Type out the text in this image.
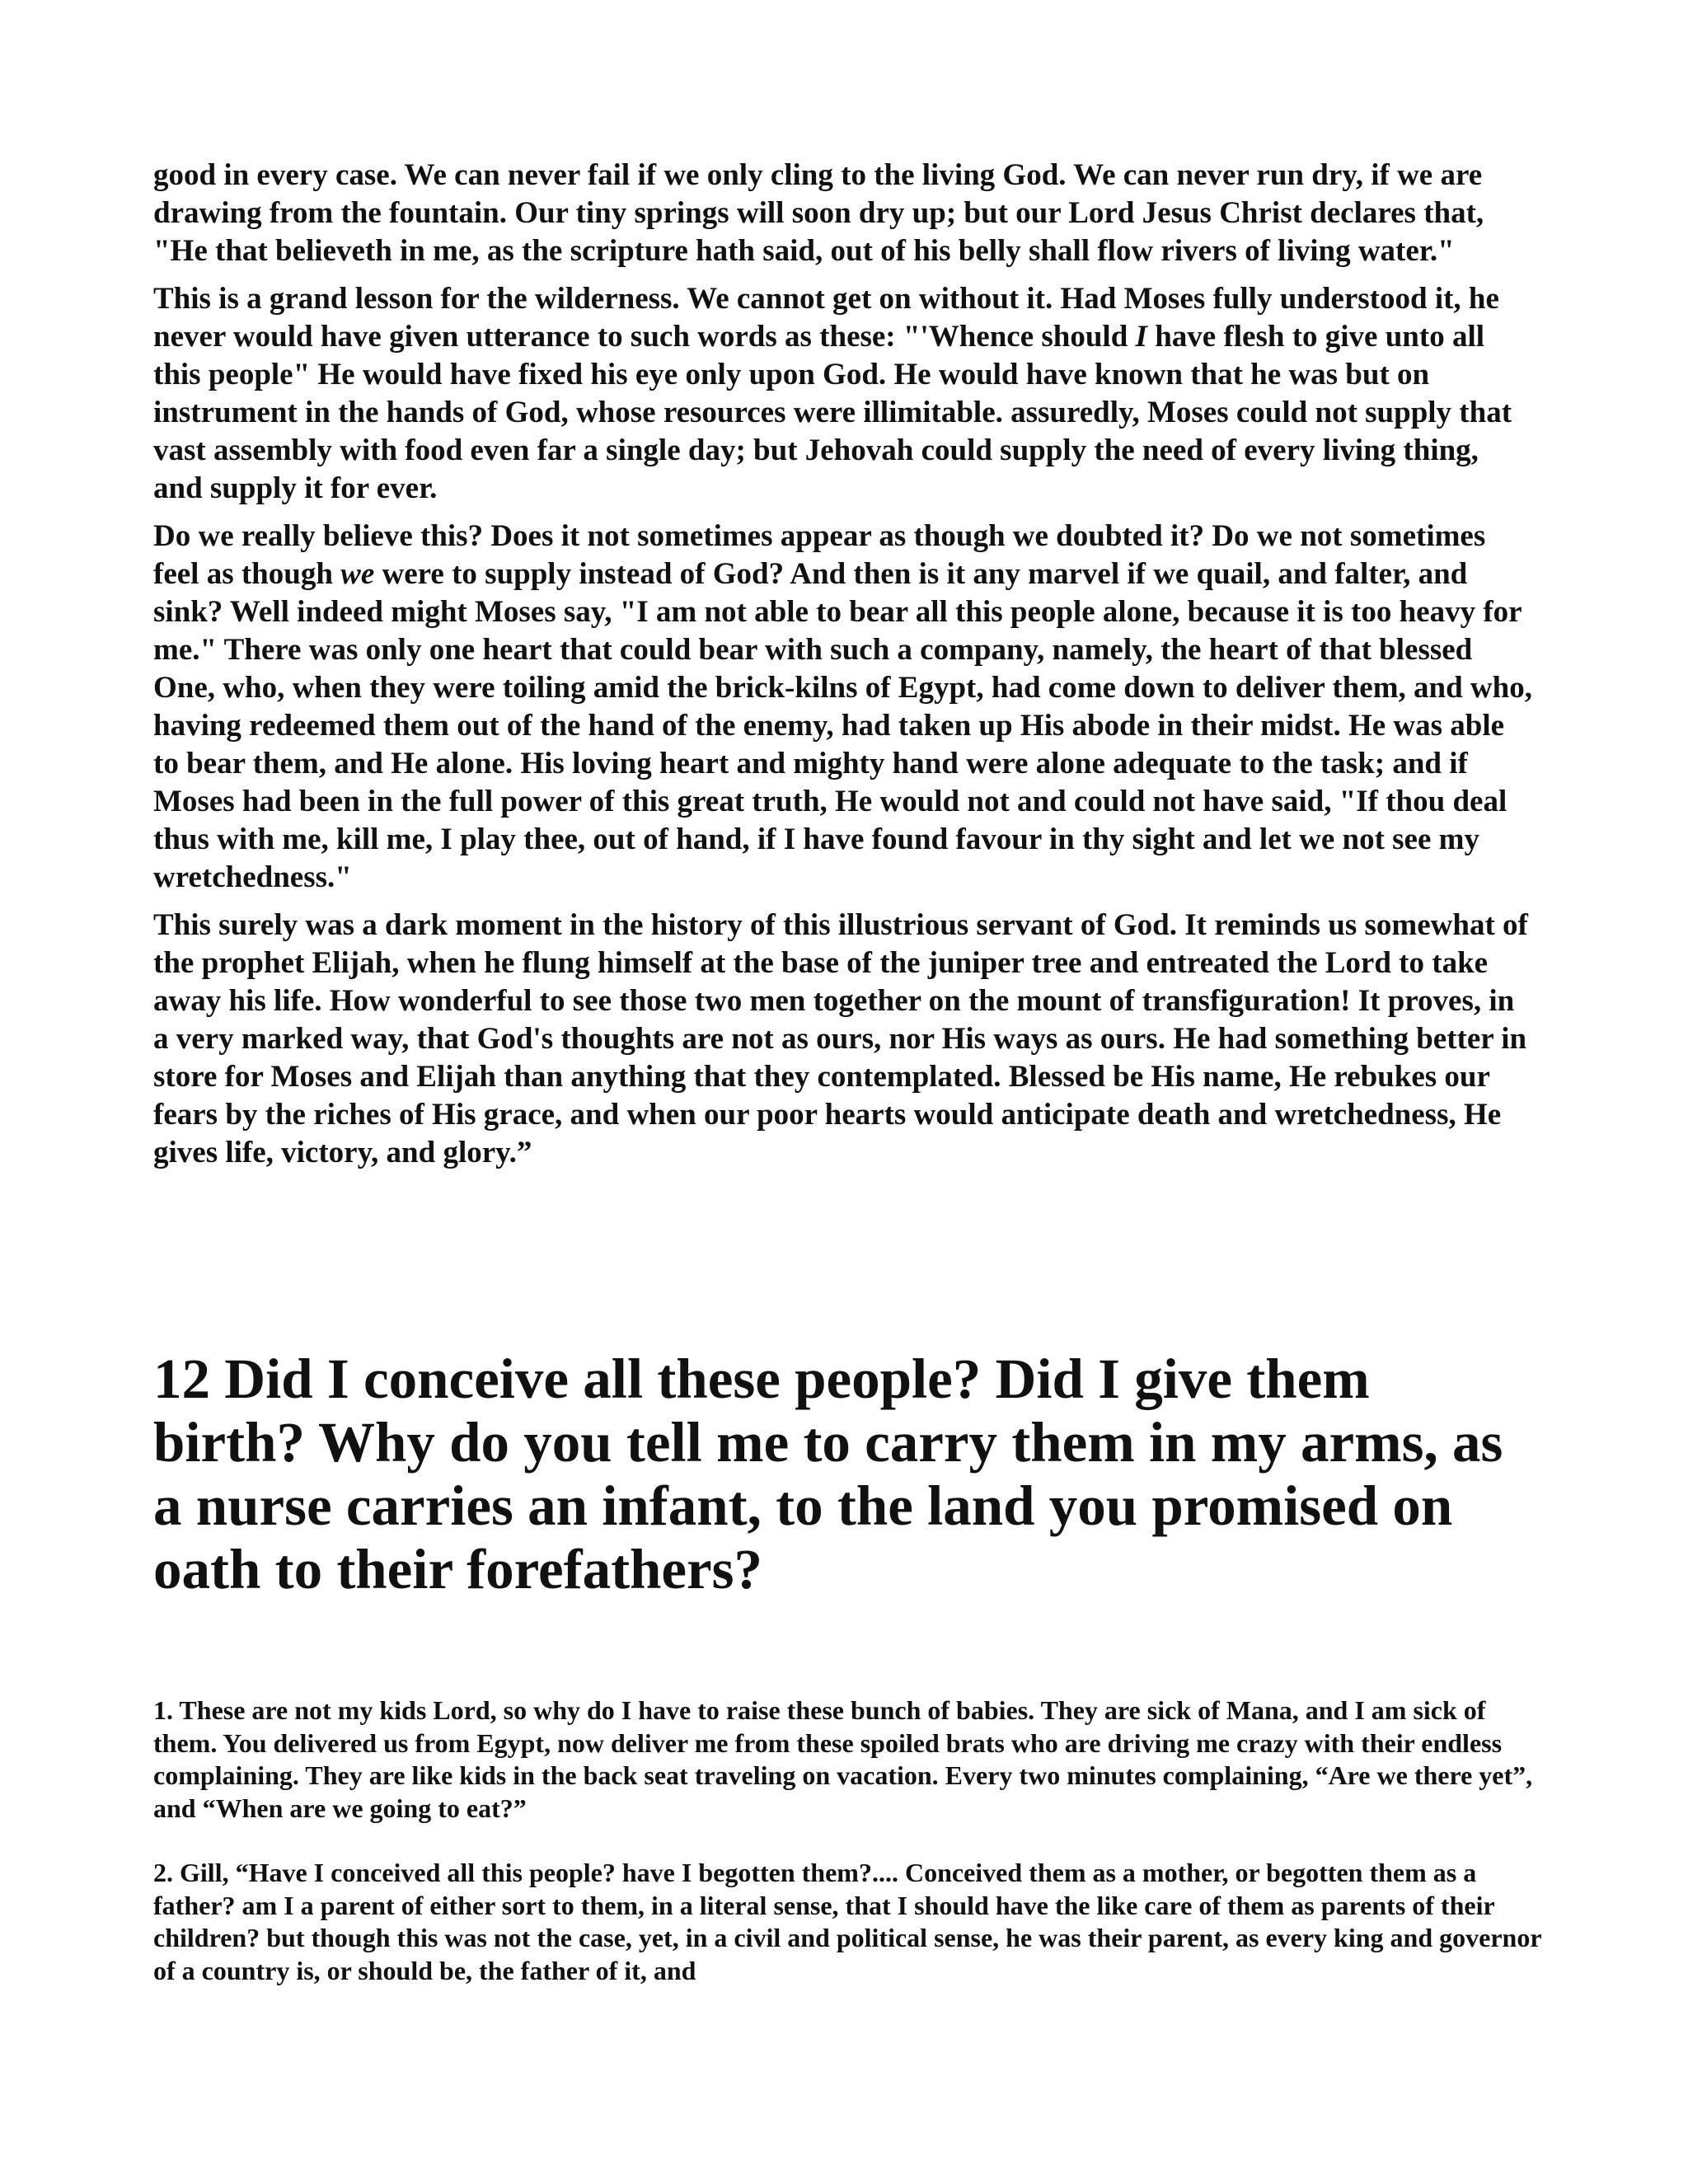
good in every case. We can never fail if we only cling to the living God. We can never run dry, if we are drawing from the fountain. Our tiny springs will soon dry up; but our Lord Jesus Christ declares that, "He that believeth in me, as the scripture hath said, out of his belly shall flow rivers of living water."

This is a grand lesson for the wilderness. We cannot get on without it. Had Moses fully understood it, he never would have given utterance to such words as these: "'Whence should I have flesh to give unto all this people" He would have fixed his eye only upon God. He would have known that he was but on instrument in the hands of God, whose resources were illimitable. assuredly, Moses could not supply that vast assembly with food even far a single day; but Jehovah could supply the need of every living thing, and supply it for ever.

Do we really believe this? Does it not sometimes appear as though we doubted it? Do we not sometimes feel as though we were to supply instead of God? And then is it any marvel if we quail, and falter, and sink? Well indeed might Moses say, "I am not able to bear all this people alone, because it is too heavy for me." There was only one heart that could bear with such a company, namely, the heart of that blessed One, who, when they were toiling amid the brick-kilns of Egypt, had come down to deliver them, and who, having redeemed them out of the hand of the enemy, had taken up His abode in their midst. He was able to bear them, and He alone. His loving heart and mighty hand were alone adequate to the task; and if Moses had been in the full power of this great truth, He would not and could not have said, "If thou deal thus with me, kill me, I play thee, out of hand, if I have found favour in thy sight and let we not see my wretchedness."

This surely was a dark moment in the history of this illustrious servant of God. It reminds us somewhat of the prophet Elijah, when he flung himself at the base of the juniper tree and entreated the Lord to take away his life. How wonderful to see those two men together on the mount of transfiguration! It proves, in a very marked way, that God's thoughts are not as ours, nor His ways as ours. He had something better in store for Moses and Elijah than anything that they contemplated. Blessed be His name, He rebukes our fears by the riches of His grace, and when our poor hearts would anticipate death and wretchedness, He gives life, victory, and glory.”

12 Did I conceive all these people? Did I give them birth? Why do you tell me to carry them in my arms, as a nurse carries an infant, to the land you promised on oath to their forefathers?

1. These are not my kids Lord, so why do I have to raise these bunch of babies. They are sick of Mana, and I am sick of them. You delivered us from Egypt, now deliver me from these spoiled brats who are driving me crazy with their endless complaining. They are like kids in the back seat traveling on vacation. Every two minutes complaining, “Are we there yet”, and “When are we going to eat?”

2. Gill, “Have I conceived all this people? have I begotten them?.... Conceived them as a mother, or begotten them as a father? am I a parent of either sort to them, in a literal sense, that I should have the like care of them as parents of their children? but though this was not the case, yet, in a civil and political sense, he was their parent, as every king and governor of a country is, or should be, the father of it, and
